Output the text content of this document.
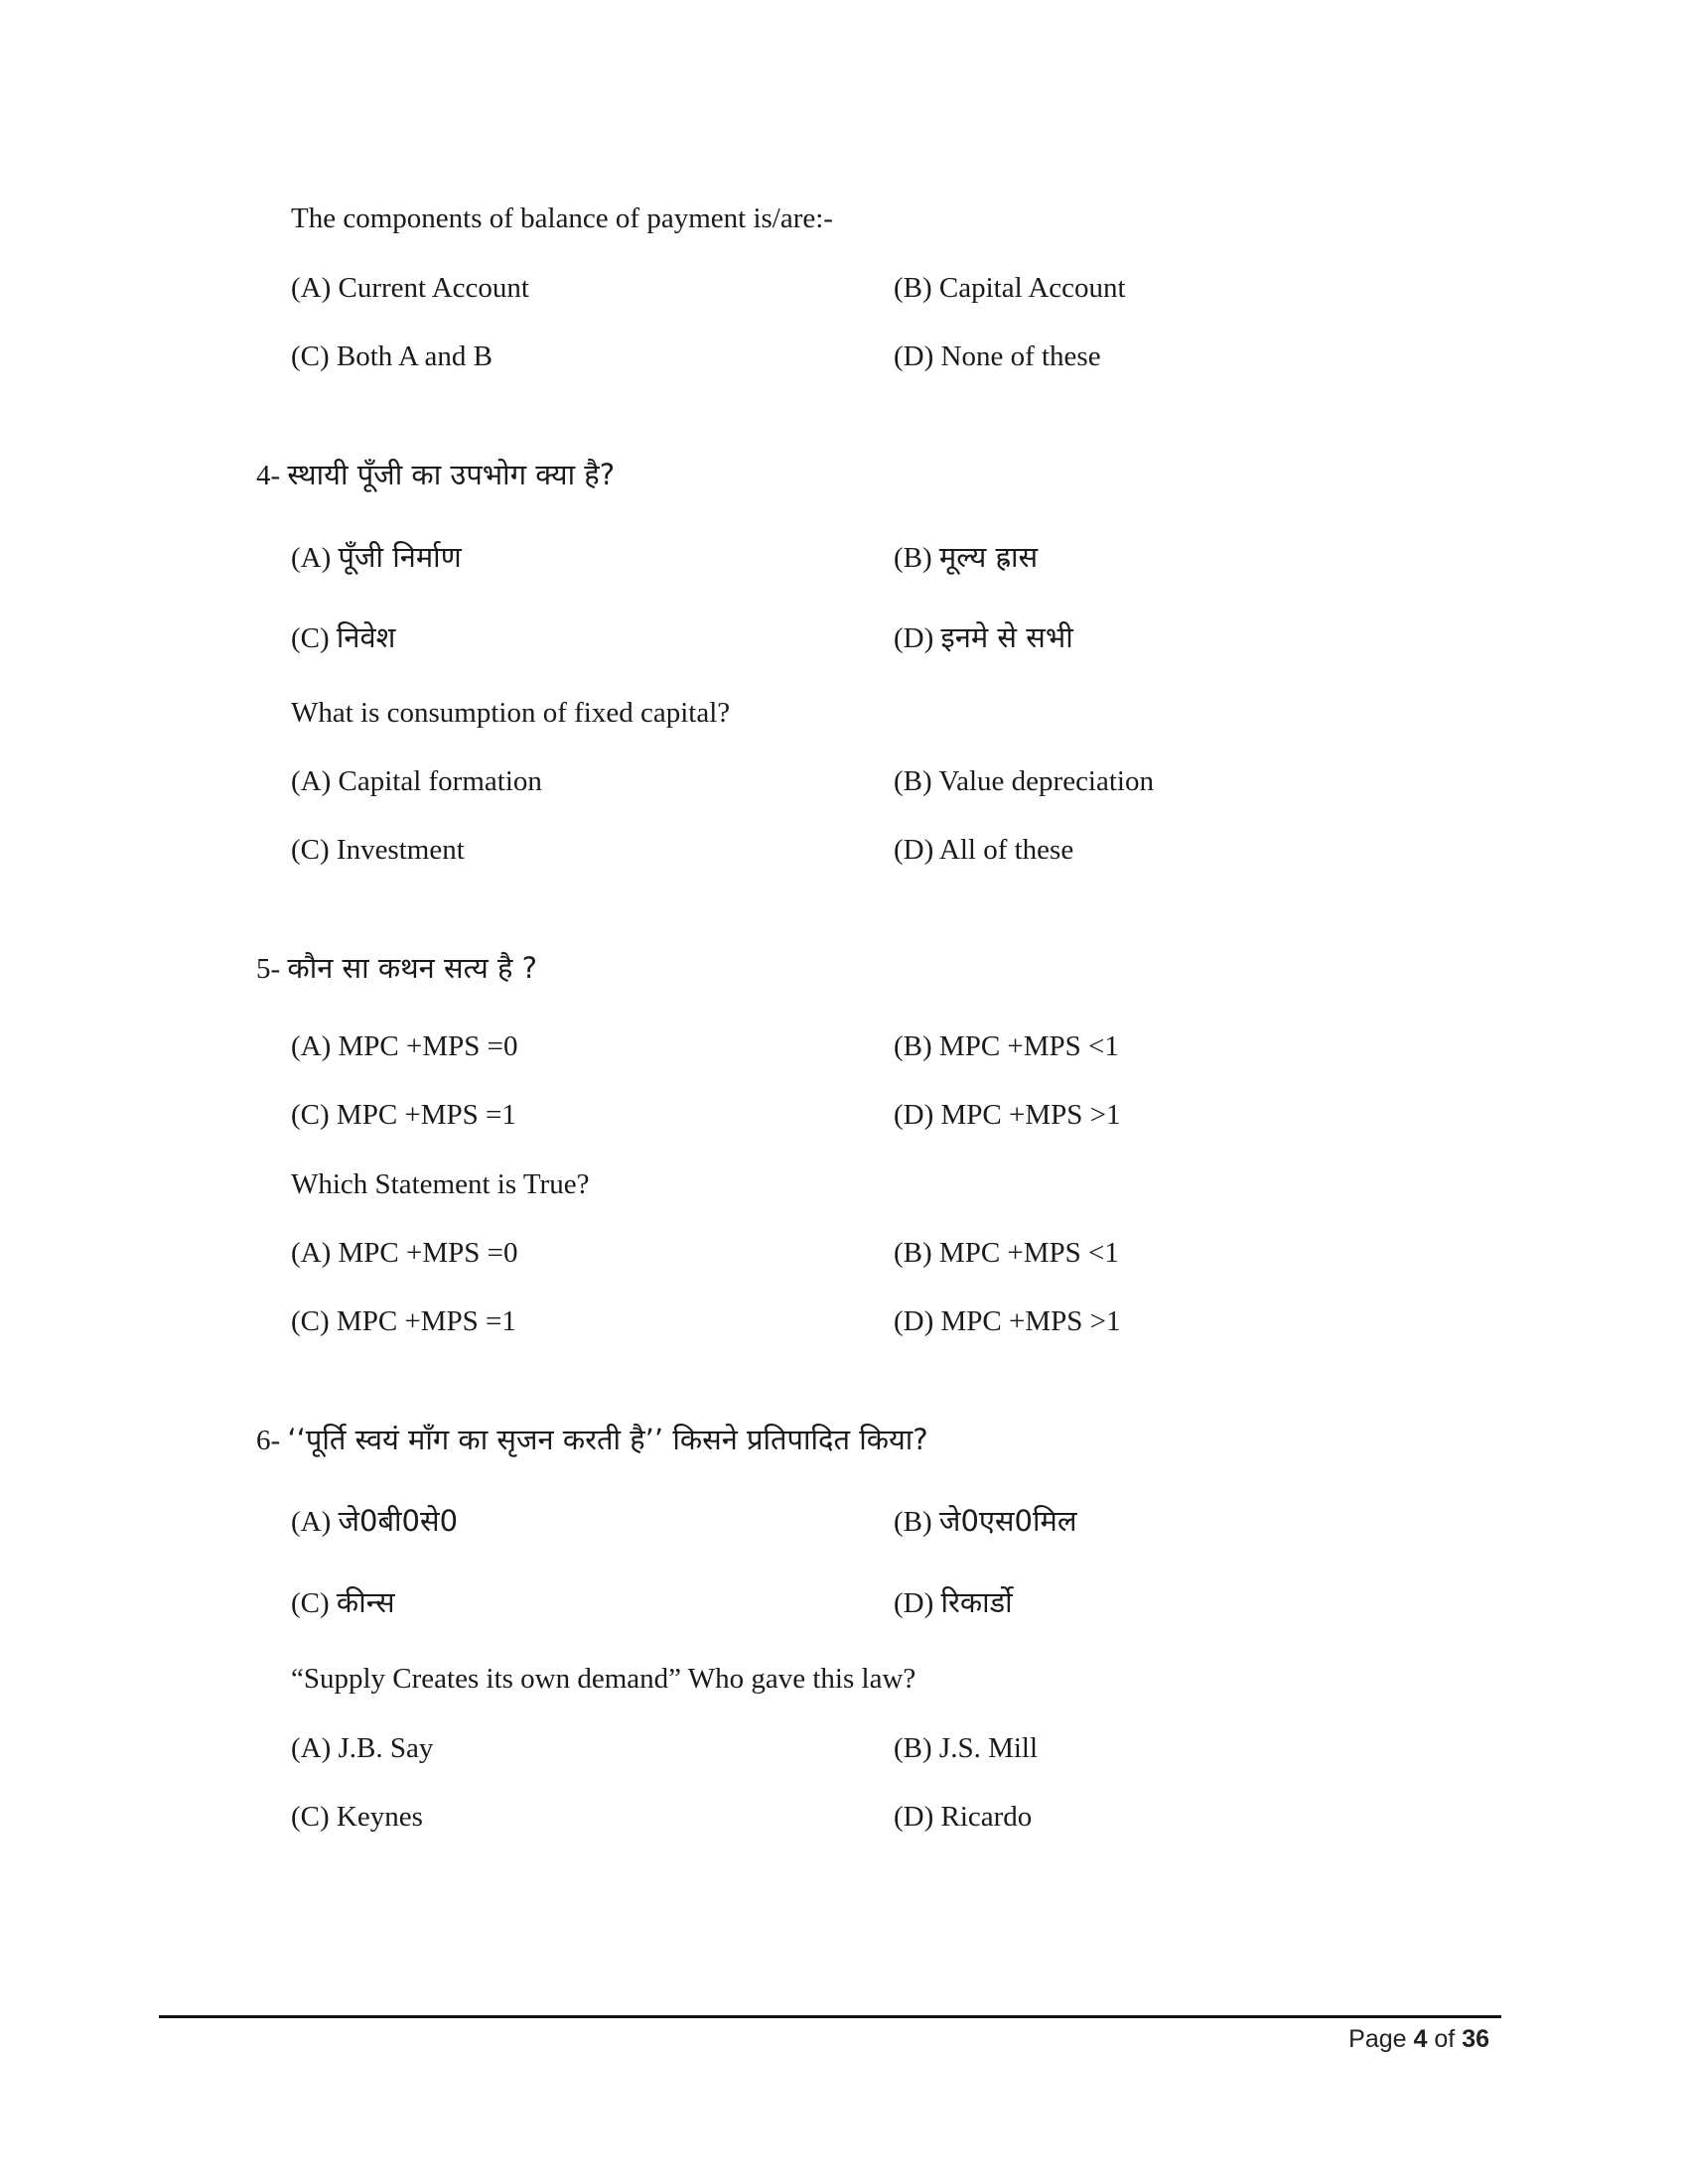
The components of balance of payment is/are:-
(A) Current Account	(B) Capital Account
(C) Both A and B	(D) None of these
4- स्थायी पूँजी का उपभोग क्या है?
(A) पूँजी निर्माण	(B) मूल्य ह्रास
(C) निवेश	(D) इनमे से सभी
What is consumption of fixed capital?
(A) Capital formation	(B) Value depreciation
(C) Investment	(D) All of these
5- कौन सा कथन सत्य है ?
(A) MPC +MPS =0	(B) MPC +MPS <1
(C) MPC +MPS =1	(D) MPC +MPS >1
Which Statement is True?
(A) MPC +MPS =0	(B) MPC +MPS <1
(C) MPC +MPS =1	(D) MPC +MPS >1
6- ‘‘पूर्ति स्वयं माँग का सृजन करती है’’ किसने प्रतिपादित किया?
(A) जे0बी0से0	(B) जे0एस0मिल
(C) कीन्स	(D) रिकार्डो
“Supply Creates its own demand” Who gave this law?
(A) J.B. Say	(B) J.S. Mill
(C) Keynes	(D) Ricardo
Page 4 of 36
